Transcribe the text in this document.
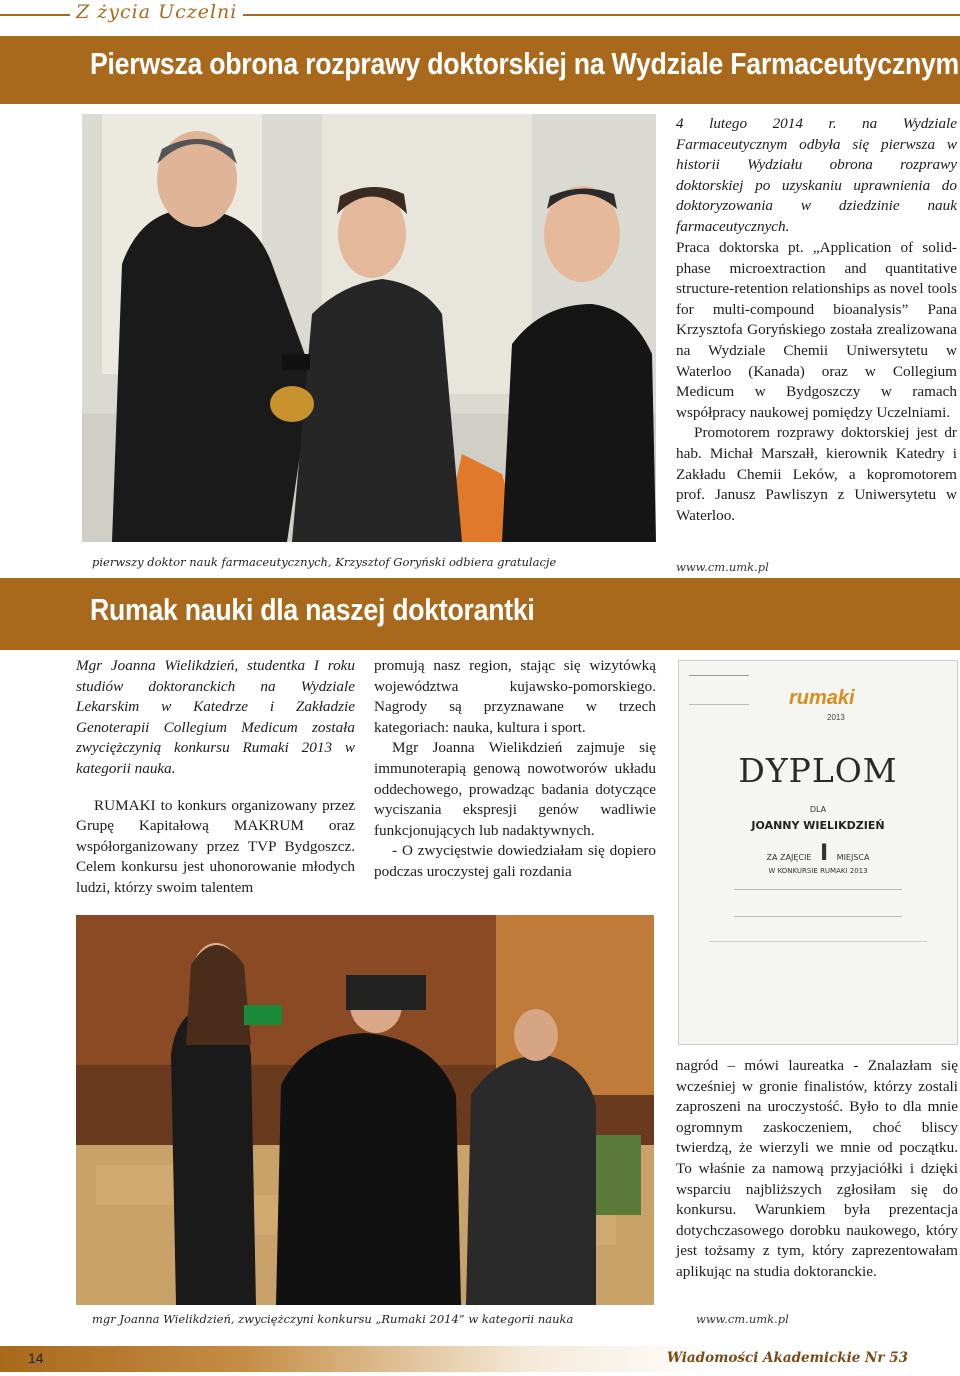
Z życia Uczelni
Pierwsza obrona rozprawy doktorskiej na Wydziale Farmaceutycznym
pierwszy doktor nauk farmaceutycznych, Krzysztof Goryński odbiera gratulacje
4 lutego 2014 r. na Wydziale Farmaceutycznym odbyła się pierwsza w historii Wydziału obrona rozprawy doktorskiej po uzyskaniu uprawnienia do doktoryzowania w dziedzinie nauk farmaceutycznych.

Praca doktorska pt. „Application of solid-phase microextraction and quantitative structure-retention relationships as novel tools for multi-compound bioanalysis” Pana Krzysztofa Goryńskiego została zrealizowana na Wydziale Chemii Uniwersytetu w Waterloo (Kanada) oraz w Collegium Medicum w Bydgoszczy w ramach współpracy naukowej pomiędzy Uczelniami.

Promotorem rozprawy doktorskiej jest dr hab. Michał Marszałł, kierownik Katedry i Zakładu Chemii Leków, a kopromotorem prof. Janusz Pawliszyn z Uniwersytetu w Waterloo.

www.cm.umk.pl
Rumak nauki dla naszej doktorantki

Mgr Joanna Wielikdzień, studentka I roku studiów doktoranckich na Wydziale Lekarskim w Katedrze i Zakładzie Genoterapii Collegium Medicum została zwyciężczynią konkursu Rumaki 2013 w kategorii nauka.

RUMAKI to konkurs organizowany przez Grupę Kapitałową MAKRUM oraz współorganizowany przez TVP Bydgoszcz. Celem konkursu jest uhonorowanie młodych ludzi, którzy swoim talentem

promują nasz region, stając się wizytówką województwa kujawsko-pomorskiego. Nagrody są przyznawane w trzech kategoriach: nauka, kultura i sport.

Mgr Joanna Wielikdzień zajmuje się immunoterapią genową nowotworów układu oddechowego, prowadząc badania dotyczące wyciszania ekspresji genów wadliwie funkcjonujących lub nadaktywnych.

- O zwycięstwie dowiedziałam się dopiero podczas uroczystej gali rozdania

rumaki
2013
DYPLOM
DLA
JOANNY WIELIKDZIEŃ
ZA ZAJĘCIE I MIEJSCA
W KONKURSIE RUMAKI 2013
mgr Joanna Wielikdzień, zwyciężczyni konkursu „Rumaki 2014” w kategorii nauka

nagród – mówi laureatka - Znalazłam się wcześniej w gronie finalistów, którzy zostali zaproszeni na uroczystość. Było to dla mnie ogromnym zaskoczeniem, choć bliscy twierdzą, że wierzyli we mnie od początku. To właśnie za namową przyjaciółki i dzięki wsparciu najbliższych zgłosiłam się do konkursu. Warunkiem była prezentacja dotychczasowego dorobku naukowego, który jest tożsamy z tym, który zaprezentowałam aplikując na studia doktoranckie.

www.cm.umk.pl
14	Wiadomości Akademickie Nr 53
